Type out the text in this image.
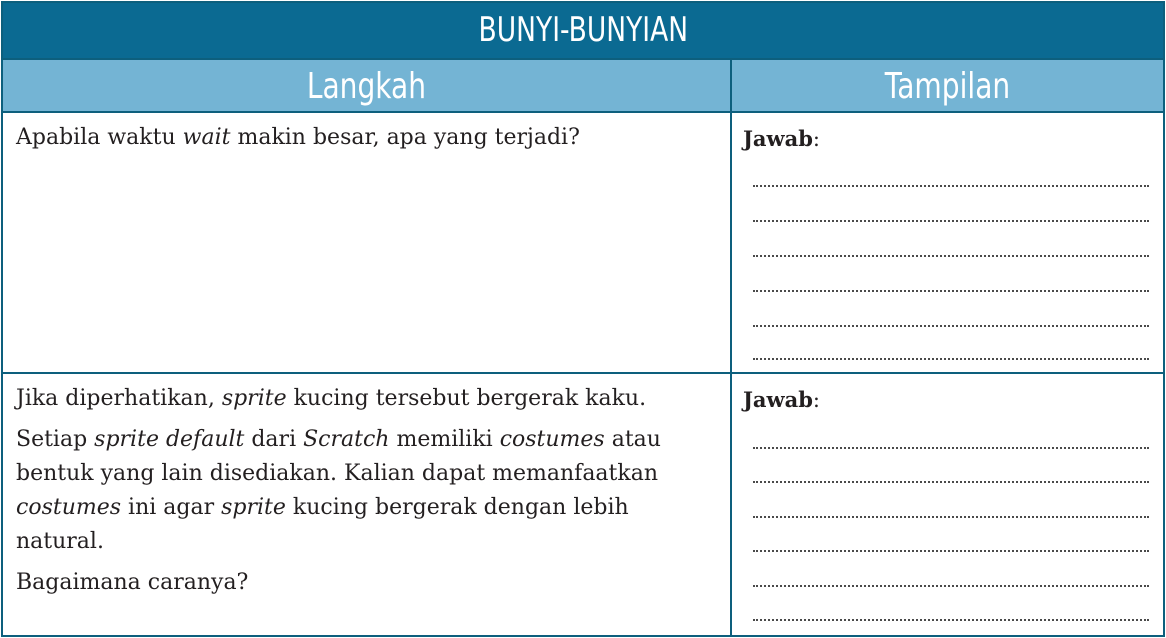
BUNYI-BUNYIAN
Langkah	Tampilan

Apabila waktu wait makin besar, apa yang terjadi?	Jawab:

Jika diperhatikan, sprite kucing tersebut bergerak kaku.

Setiap sprite default dari Scratch memiliki costumes atau bentuk yang lain disediakan. Kalian dapat memanfaatkan costumes ini agar sprite kucing bergerak dengan lebih natural.

Bagaimana caranya?

Jawab:
